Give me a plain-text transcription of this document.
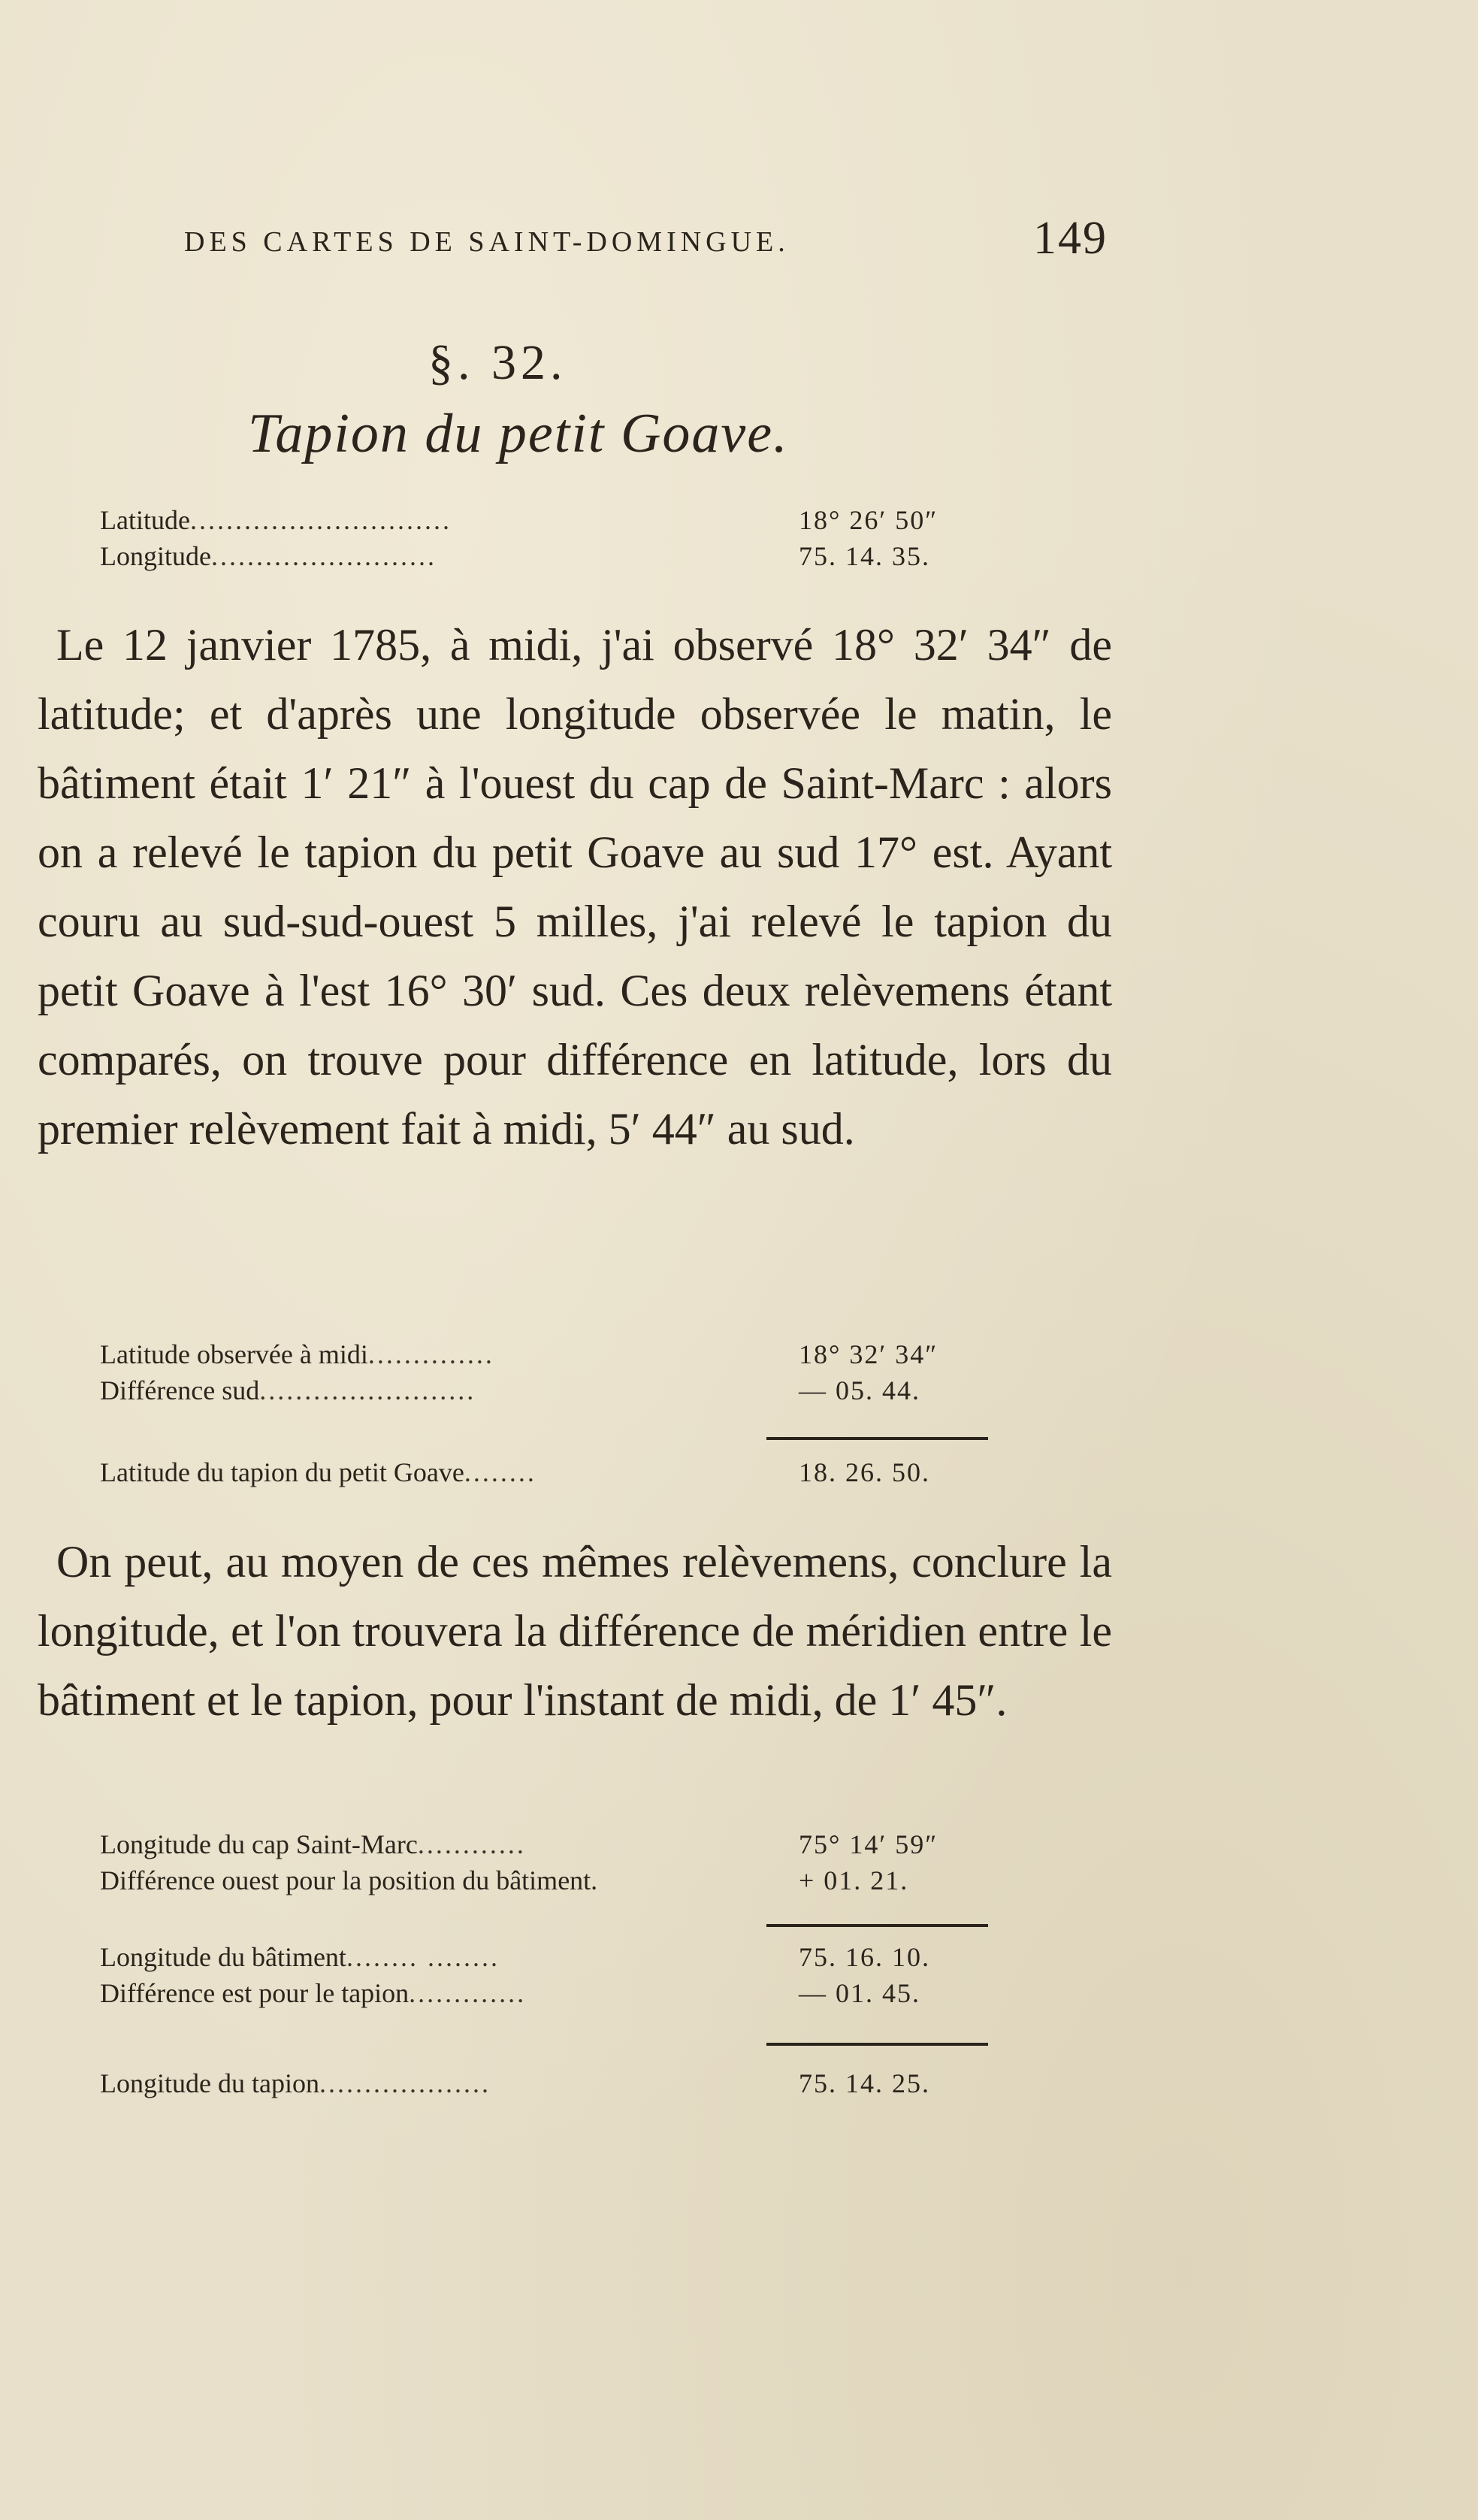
DES CARTES DE SAINT-DOMINGUE.	149
§. 32.
Tapion du petit Goave.
Latitude.............................	18° 26′ 50″
Longitude.........................	75. 14. 35.

Le 12 janvier 1785, à midi, j'ai observé 18° 32′ 34″ de latitude; et d'après une longitude observée le matin, le bâtiment était 1′ 21″ à l'ouest du cap de Saint-Marc : alors on a relevé le tapion du petit Goave au sud 17° est. Ayant couru au sud-sud-ouest 5 milles, j'ai relevé le tapion du petit Goave à l'est 16° 30′ sud. Ces deux relèvemens étant comparés, on trouve pour différence en latitude, lors du premier relèvement fait à midi, 5′ 44″ au sud.

Latitude observée à midi..............	18° 32′ 34″
Différence sud........................	— 05. 44.
Latitude du tapion du petit Goave........	18. 26. 50.

On peut, au moyen de ces mêmes relèvemens, conclure la longitude, et l'on trouvera la différence de méridien entre le bâtiment et le tapion, pour l'instant de midi, de 1′ 45″.

Longitude du cap Saint-Marc............	75° 14′ 59″
Différence ouest pour la position du bâtiment.	+ 01. 21.
Longitude du bâtiment........ ........	75. 16. 10.
Différence est pour le tapion.............	— 01. 45.
Longitude du tapion...................	75. 14. 25.
